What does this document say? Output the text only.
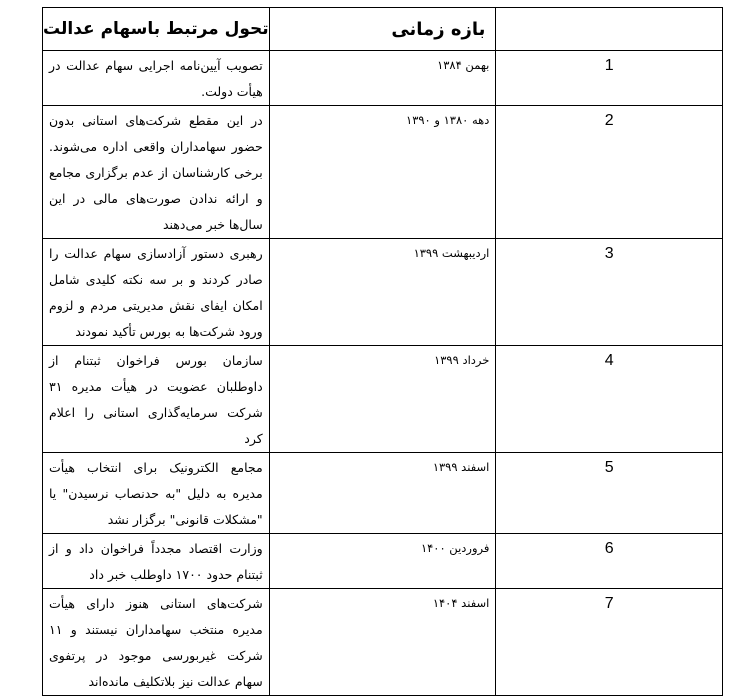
	بازه زمانی	تحول مرتبط باسهام عدالت
1	بهمن ۱۳۸۴	تصویب آیین‌نامه اجرایی سهام عدالت در هیأت دولت.
2	دهه ۱۳۸۰ و ۱۳۹۰	در این مقطع شرکت‌های استانی بدون حضور سهامداران واقعی اداره می‌شوند. برخی کارشناسان از عدم برگزاری مجامع و ارائه ندادن صورت‌های مالی در این سال‌ها خبر می‌دهند
3	اردیبهشت ۱۳۹۹	رهبری دستور آزادسازی سهام عدالت را صادر کردند و بر سه نکته کلیدی شامل امکان ایفای نقش مدیریتی مردم و لزوم ورود شرکت‌ها به بورس تأکید نمودند
4	خرداد ۱۳۹۹	سازمان بورس فراخوان ثبتنام از داوطلبان عضویت در هیأت مدیره ۳۱ شرکت سرمایه‌گذاری استانی را اعلام کرد
5	اسفند ۱۳۹۹	مجامع الکترونیک برای انتخاب هیأت مدیره به دلیل "به حدنصاب نرسیدن" یا "مشکلات قانونی" برگزار نشد
6	فروردین ۱۴۰۰	وزارت اقتصاد مجدداً فراخوان داد و از ثبتنام حدود ۱۷۰۰ داوطلب خبر داد
7	اسفند ۱۴۰۴	شرکت‌های استانی هنوز دارای هیأت مدیره منتخب سهامداران نیستند و ۱۱ شرکت غیربورسی موجود در پرتفوی سهام عدالت نیز بلاتکلیف مانده‌اند
